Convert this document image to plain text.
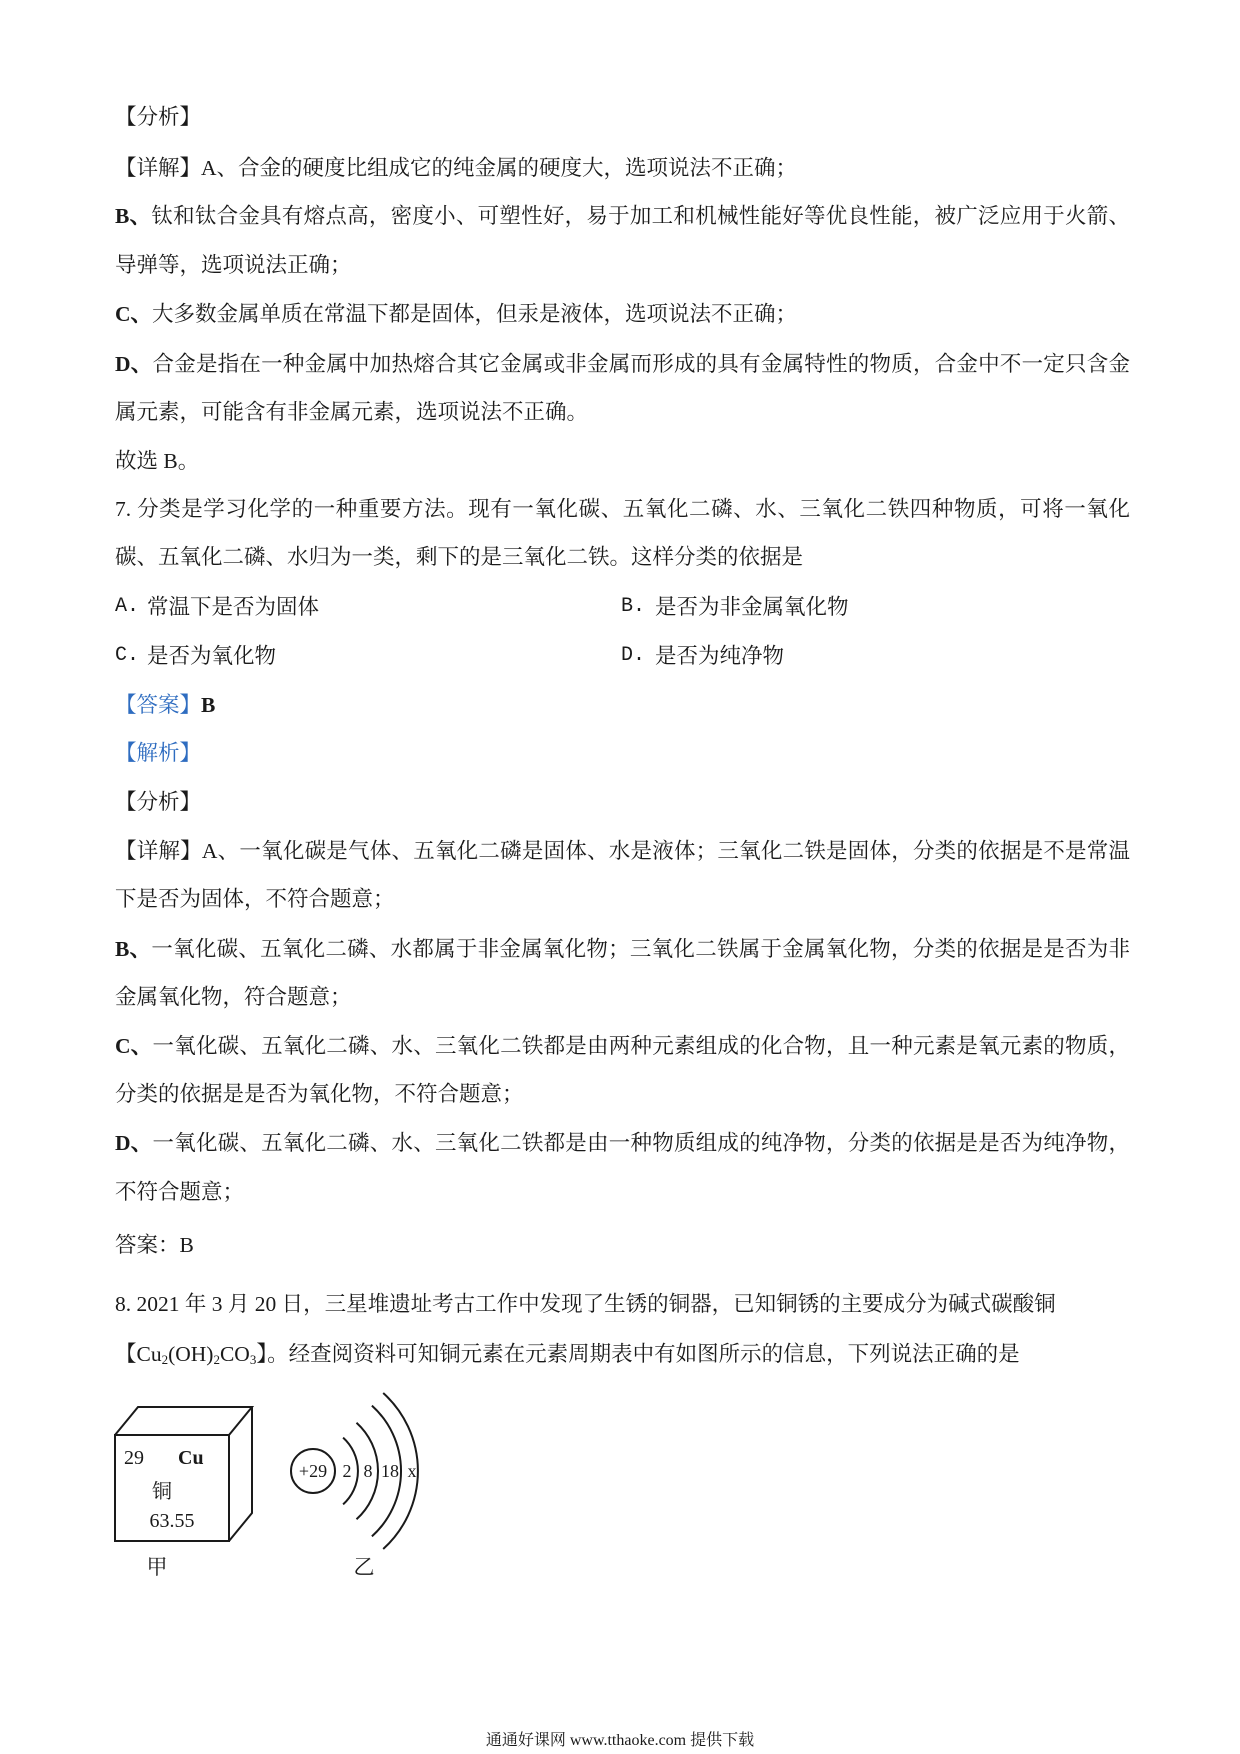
【分析】
【详解】A、合金的硬度比组成它的纯金属的硬度大，选项说法不正确；
B、钛和钛合金具有熔点高，密度小、可塑性好，易于加工和机械性能好等优良性能，被广泛应用于火箭、
导弹等，选项说法正确；
C、大多数金属单质在常温下都是固体，但汞是液体，选项说法不正确；
D、合金是指在一种金属中加热熔合其它金属或非金属而形成的具有金属特性的物质，合金中不一定只含金
属元素，可能含有非金属元素，选项说法不正确。
故选 B。
7. 分类是学习化学的一种重要方法。现有一氧化碳、五氧化二磷、水、三氧化二铁四种物质，可将一氧化
碳、五氧化二磷、水归为一类，剩下的是三氧化二铁。这样分类的依据是
A. 常温下是否为固体	B. 是否为非金属氧化物
C. 是否为氧化物	D. 是否为纯净物
【答案】B
【解析】
【分析】
【详解】A、一氧化碳是气体、五氧化二磷是固体、水是液体；三氧化二铁是固体，分类的依据是不是常温
下是否为固体，不符合题意；
B、一氧化碳、五氧化二磷、水都属于非金属氧化物；三氧化二铁属于金属氧化物，分类的依据是是否为非
金属氧化物，符合题意；
C、一氧化碳、五氧化二磷、水、三氧化二铁都是由两种元素组成的化合物，且一种元素是氧元素的物质，
分类的依据是是否为氧化物，不符合题意；
D、一氧化碳、五氧化二磷、水、三氧化二铁都是由一种物质组成的纯净物，分类的依据是是否为纯净物，
不符合题意；
答案：B
8. 2021 年 3 月 20 日，三星堆遗址考古工作中发现了生锈的铜器，已知铜锈的主要成分为碱式碳酸铜
【$Cu_2(OH)_2CO_3$】。经查阅资料可知铜元素在元素周期表中有如图所示的信息，下列说法正确的是
29 Cu
铜
63.55
甲
+29 2 8 18 x
乙
通通好课网 www.tthaoke.com 提供下载
